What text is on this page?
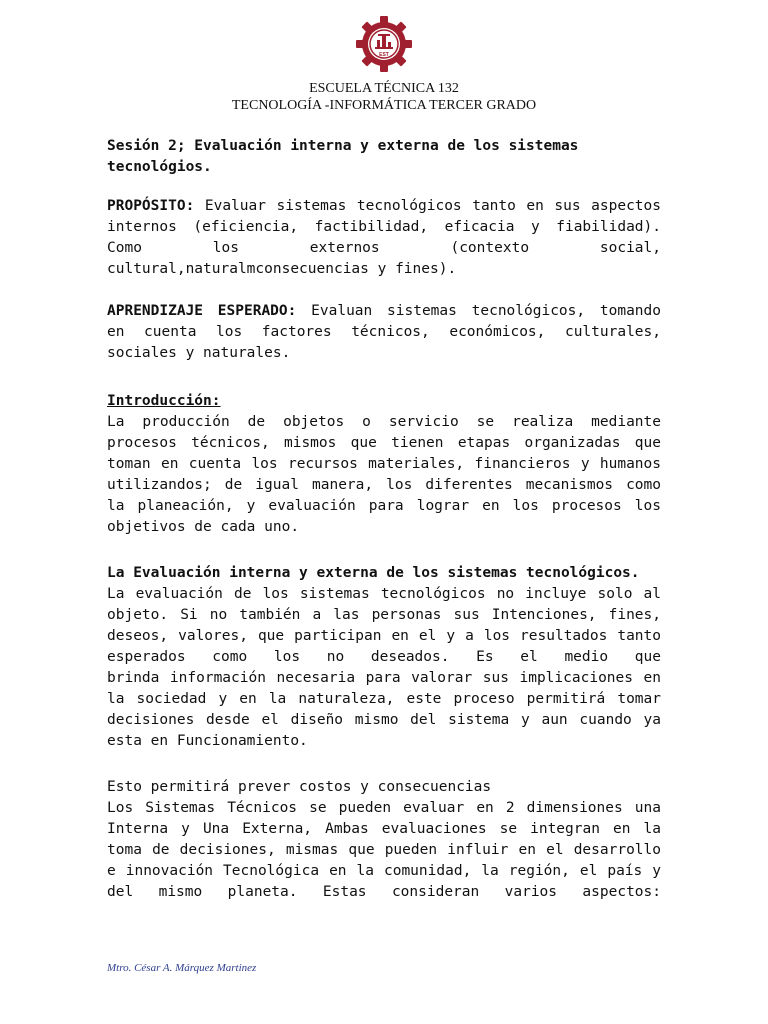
EST
ESCUELA TÉCNICA 132
TECNOLOGÍA -INFORMÁTICA TERCER GRADO

Sesión 2; Evaluación interna y externa de los sistemas

tecnológios.

PROPÓSITO: Evaluar sistemas tecnológicos tanto en sus aspectos

internos (eficiencia, factibilidad, eficacia y fiabilidad).

Como los externos (contexto social,

cultural,naturalmconsecuencias y fines).

APRENDIZAJE ESPERADO: Evaluan sistemas tecnológicos, tomando

en cuenta los factores técnicos, económicos, culturales,

sociales y naturales.

Introducción:

La producción de objetos o servicio se realiza mediante

procesos técnicos, mismos que tienen etapas organizadas que

toman en cuenta los recursos materiales, financieros y humanos

utilizandos; de igual manera, los diferentes mecanismos como

la planeación, y evaluación para lograr en los procesos los

objetivos de cada uno.

La Evaluación interna y externa de los sistemas tecnológicos.

La evaluación de los sistemas tecnológicos no incluye solo al

objeto. Si no también a las personas sus Intenciones, fines,

deseos, valores, que participan en el y a los resultados tanto

esperados como los no deseados. Es el medio que

brinda información necesaria para valorar sus implicaciones en

la sociedad y en la naturaleza, este proceso permitirá tomar

decisiones desde el diseño mismo del sistema y aun cuando ya

esta en Funcionamiento.

Esto permitirá prever costos y consecuencias

Los Sistemas Técnicos se pueden evaluar en 2 dimensiones una

Interna y Una Externa, Ambas evaluaciones se integran en la

toma de decisiones, mismas que pueden influir en el desarrollo

e innovación Tecnológica en la comunidad, la región, el país y

del mismo planeta. Estas consideran varios aspectos:

Mtro. César A. Márquez Martinez
